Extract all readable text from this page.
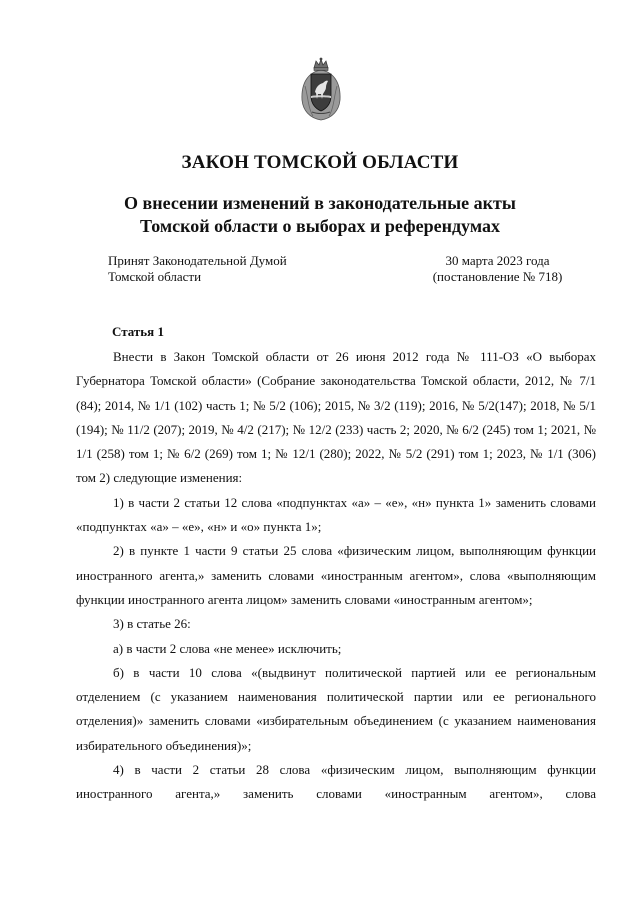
ЗАКОН ТОМСКОЙ ОБЛАСТИ
О внесении изменений в законодательные акты
Томской области о выборах и референдумах
Принят Законодательной Думой
Томской области
30 марта 2023 года
(постановление № 718)
Статья 1

Внести в Закон Томской области от 26 июня 2012 года № 111-ОЗ «О выборах Губернатора Томской области» (Собрание законодательства Томской области, 2012, № 7/1 (84); 2014, № 1/1 (102) часть 1; № 5/2 (106); 2015, № 3/2 (119); 2016, № 5/2(147); 2018, № 5/1 (194); № 11/2 (207); 2019, № 4/2 (217); № 12/2 (233) часть 2; 2020, № 6/2 (245) том 1; 2021, № 1/1 (258) том 1; № 6/2 (269) том 1; № 12/1 (280); 2022, № 5/2 (291) том 1; 2023, № 1/1 (306) том 2) следующие изменения:

1) в части 2 статьи 12 слова «подпунктах «а» – «е», «н» пункта 1» заменить словами «подпунктах «а» – «е», «н» и «о» пункта 1»;

2) в пункте 1 части 9 статьи 25 слова «физическим лицом, выполняющим функции иностранного агента,» заменить словами «иностранным агентом», слова «выполняющим функции иностранного агента лицом» заменить словами «иностранным агентом»;

3) в статье 26:

а) в части 2 слова «не менее» исключить;

б) в части 10 слова «(выдвинут политической партией или ее региональным отделением (с указанием наименования политической партии или ее регионального отделения)» заменить словами «избирательным объединением (с указанием наименования избирательного объединения)»;

4) в части 2 статьи 28 слова «физическим лицом, выполняющим функции иностранного агента,» заменить словами «иностранным агентом», слова
